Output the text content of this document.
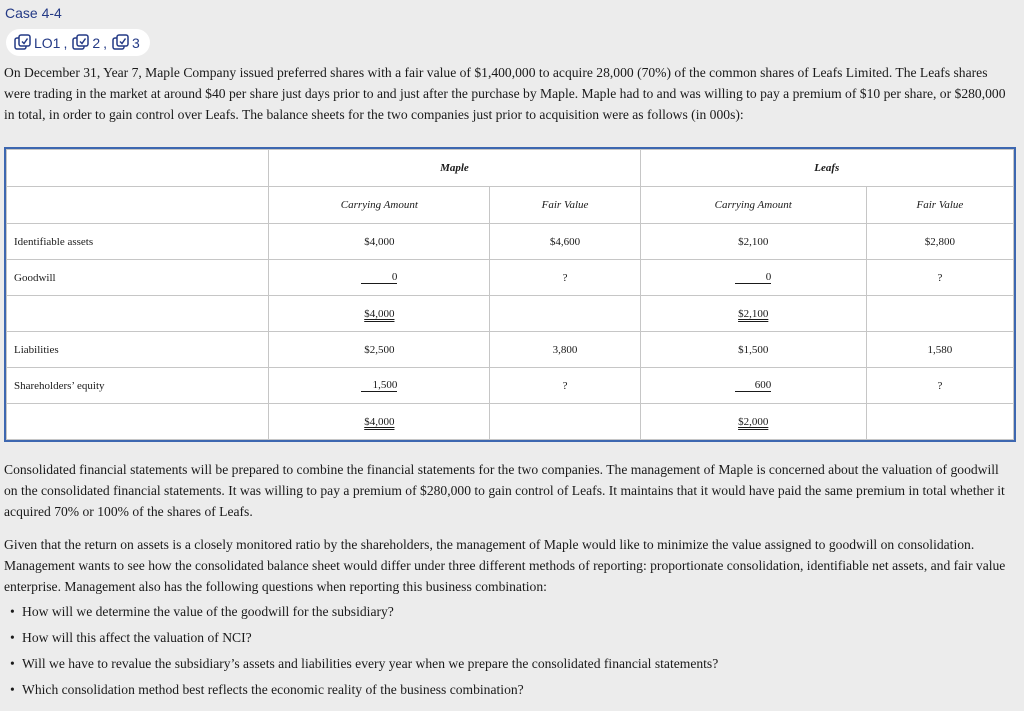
Case 4-4
LO1 , 2 , 3

On December 31, Year 7, Maple Company issued preferred shares with a fair value of $1,400,000 to acquire 28,000 (70%) of the common shares of Leafs Limited. The Leafs shares were trading in the market at around $40 per share just days prior to and just after the purchase by Maple. Maple had to and was willing to pay a premium of $10 per share, or $280,000 in total, in order to gain control over Leafs. The balance sheets for the two companies just prior to acquisition were as follows (in 000s):

	Maple		Leafs	
	Carrying Amount	Fair Value	Carrying Amount	Fair Value
Identifiable assets	$4,000	$4,600	$2,100	$2,800
Goodwill	0	?	0	?
	$4,000		$2,100	
Liabilities	$2,500	3,800	$1,500	1,580
Shareholders’ equity	1,500	?	600	?
	$4,000		$2,000	

Consolidated financial statements will be prepared to combine the financial statements for the two companies. The management of Maple is concerned about the valuation of goodwill on the consolidated financial statements. It was willing to pay a premium of $280,000 to gain control of Leafs. It maintains that it would have paid the same premium in total whether it acquired 70% or 100% of the shares of Leafs.

Given that the return on assets is a closely monitored ratio by the shareholders, the management of Maple would like to minimize the value assigned to goodwill on consolidation. Management wants to see how the consolidated balance sheet would differ under three different methods of reporting: proportionate consolidation, identifiable net assets, and fair value enterprise. Management also has the following questions when reporting this business combination:

• How will we determine the value of the goodwill for the subsidiary?
• How will this affect the valuation of NCI?
• Will we have to revalue the subsidiary’s assets and liabilities every year when we prepare the consolidated financial statements?
• Which consolidation method best reflects the economic reality of the business combination?
